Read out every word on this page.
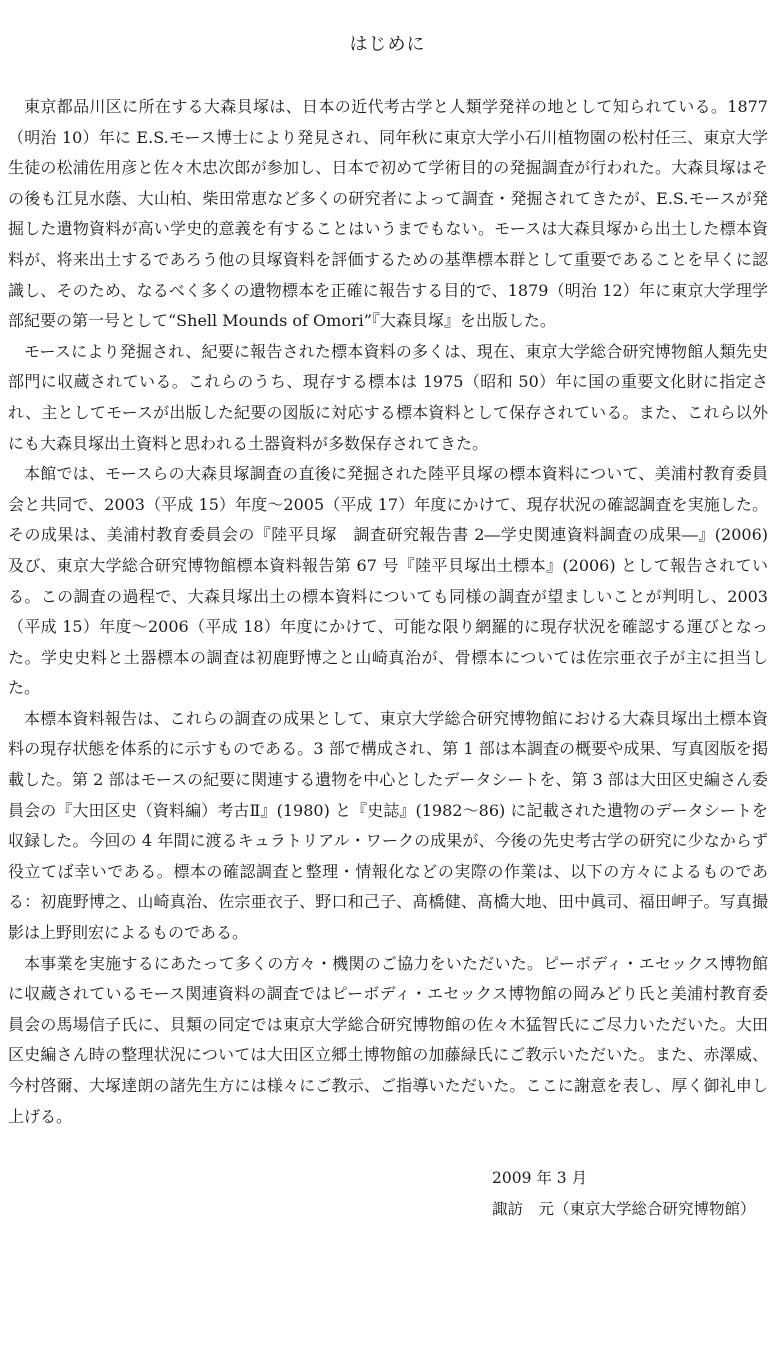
はじめに

東京都品川区に所在する大森貝塚は、日本の近代考古学と人類学発祥の地として知られている。1877（明治 10）年に E.S.モース博士により発見され、同年秋に東京大学小石川植物園の松村任三、東京大学生徒の松浦佐用彦と佐々木忠次郎が参加し、日本で初めて学術目的の発掘調査が行われた。大森貝塚はその後も江見水蔭、大山柏、柴田常恵など多くの研究者によって調査・発掘されてきたが、E.S.モースが発掘した遺物資料が高い学史的意義を有することはいうまでもない。モースは大森貝塚から出土した標本資料が、将来出土するであろう他の貝塚資料を評価するための基準標本群として重要であることを早くに認識し、そのため、なるべく多くの遺物標本を正確に報告する目的で、1879（明治 12）年に東京大学理学部紀要の第一号として“Shell Mounds of Omori”『大森貝塚』を出版した。

モースにより発掘され、紀要に報告された標本資料の多くは、現在、東京大学総合研究博物館人類先史部門に収蔵されている。これらのうち、現存する標本は 1975（昭和 50）年に国の重要文化財に指定され、主としてモースが出版した紀要の図版に対応する標本資料として保存されている。また、これら以外にも大森貝塚出土資料と思われる土器資料が多数保存されてきた。

本館では、モースらの大森貝塚調査の直後に発掘された陸平貝塚の標本資料について、美浦村教育委員会と共同で、2003（平成 15）年度～2005（平成 17）年度にかけて、現存状況の確認調査を実施した。その成果は、美浦村教育委員会の『陸平貝塚　調査研究報告書 2―学史関連資料調査の成果―』(2006) 及び、東京大学総合研究博物館標本資料報告第 67 号『陸平貝塚出土標本』(2006) として報告されている。この調査の過程で、大森貝塚出土の標本資料についても同様の調査が望ましいことが判明し、2003（平成 15）年度～2006（平成 18）年度にかけて、可能な限り網羅的に現存状況を確認する運びとなった。学史史料と土器標本の調査は初鹿野博之と山崎真治が、骨標本については佐宗亜衣子が主に担当した。

本標本資料報告は、これらの調査の成果として、東京大学総合研究博物館における大森貝塚出土標本資料の現存状態を体系的に示すものである。3 部で構成され、第 1 部は本調査の概要や成果、写真図版を掲載した。第 2 部はモースの紀要に関連する遺物を中心としたデータシートを、第 3 部は大田区史編さん委員会の『大田区史（資料編）考古Ⅱ』(1980) と『史誌』(1982～86) に記載された遺物のデータシートを収録した。今回の 4 年間に渡るキュラトリアル・ワークの成果が、今後の先史考古学の研究に少なからず役立てば幸いである。標本の確認調査と整理・情報化などの実際の作業は、以下の方々によるものである：初鹿野博之、山崎真治、佐宗亜衣子、野口和己子、髙橋健、髙橋大地、田中眞司、福田岬子。写真撮影は上野則宏によるものである。

本事業を実施するにあたって多くの方々・機関のご協力をいただいた。ピーボディ・エセックス博物館に収蔵されているモース関連資料の調査ではピーボディ・エセックス博物館の岡みどり氏と美浦村教育委員会の馬場信子氏に、貝類の同定では東京大学総合研究博物館の佐々木猛智氏にご尽力いただいた。大田区史編さん時の整理状況については大田区立郷土博物館の加藤緑氏にご教示いただいた。また、赤澤威、今村啓爾、大塚達朗の諸先生方には様々にご教示、ご指導いただいた。ここに謝意を表し、厚く御礼申し上げる。

2009 年 3 月
諏訪　元（東京大学総合研究博物館）
